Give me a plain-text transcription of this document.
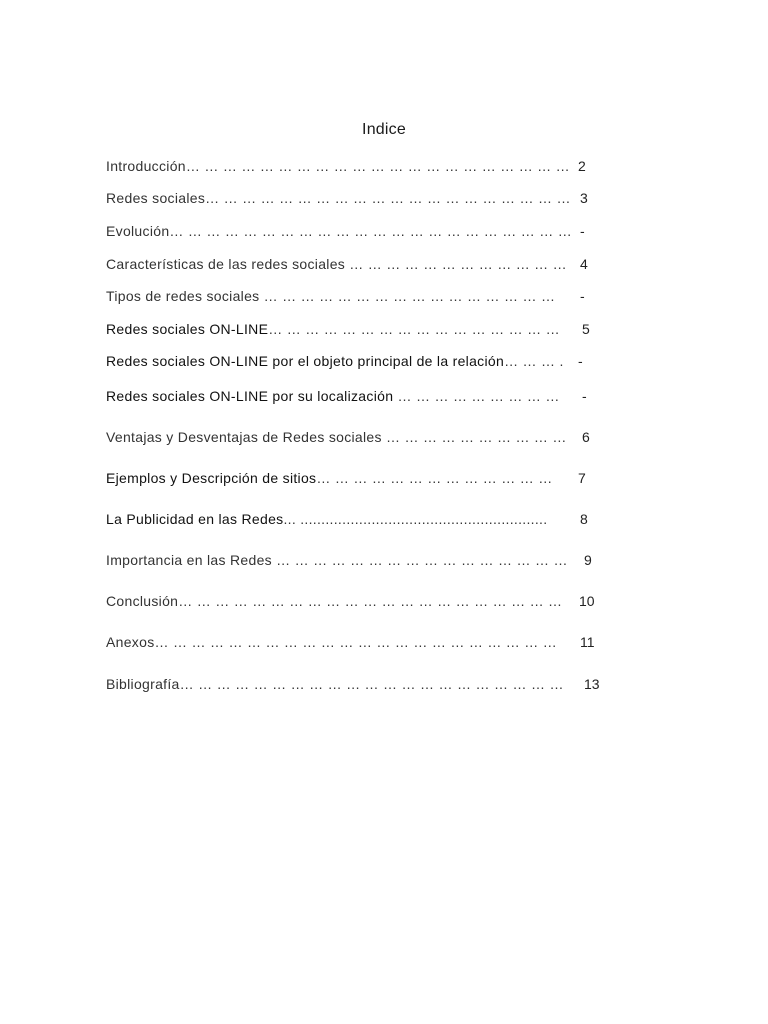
Indice
Introducción… … … … … … … … … … … … … … … … … … … … … 2
Redes sociales… … … … … … … … … … … … … … … … … … … … 3
Evolución… … … … … … … … … … … … … … … … … … … … … … -
Características de las redes sociales … … … … … … … … … … … … 4
Tipos de redes sociales … … … … … … … … … … … … … … … … -
Redes sociales ON-LINE… … … … … … … … … … … … … … … … 5
Redes sociales ON-LINE por el objeto principal de la relación… … … . -
Redes sociales ON-LINE por su localización … … … … … … … … … -
Ventajas y Desventajas de Redes sociales … … … … … … … … … … 6
Ejemplos y Descripción de sitios… … … … … … … … … … … … … 7
La Publicidad en las Redes... ........................................................... 8
Importancia en las Redes … … … … … … … … … … … … … … … … 9
Conclusión… … … … … … … … … … … … … … … … … … … … … 10
Anexos… … … … … … … … … … … … … … … … … … … … … … 11
Bibliografía… … … … … … … … … … … … … … … … … … … … … 13
